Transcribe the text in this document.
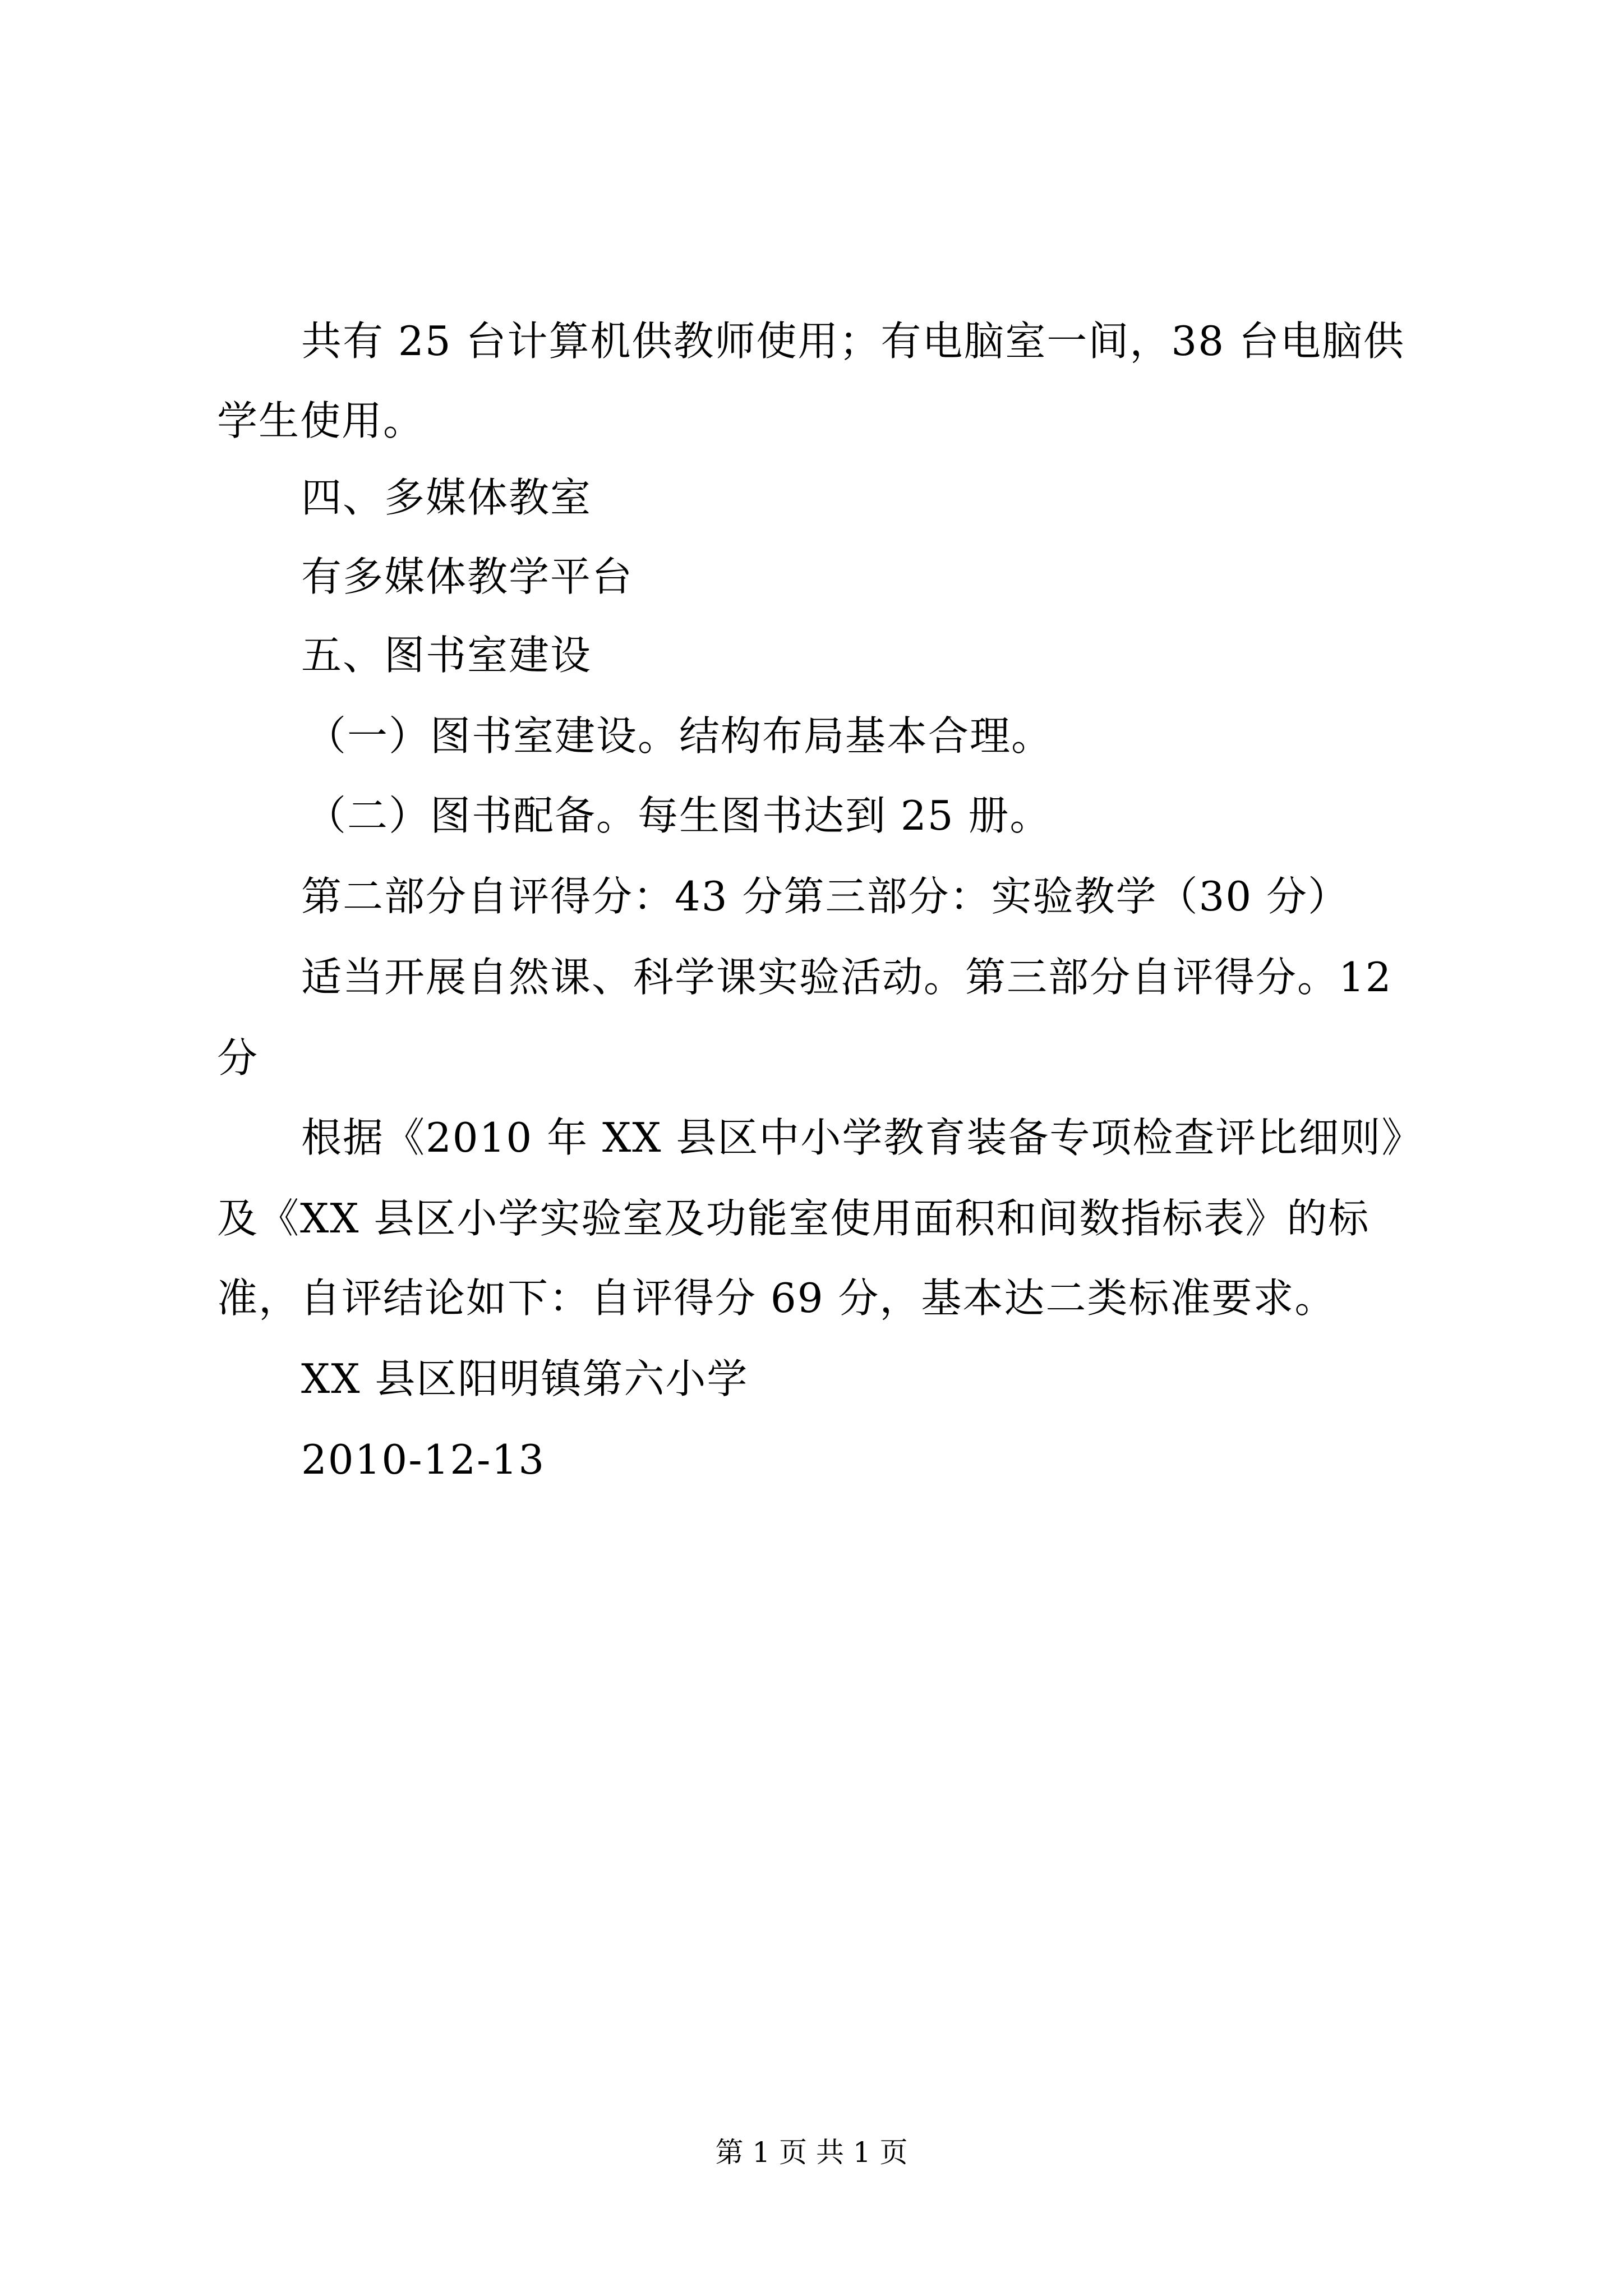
共有 25 台计算机供教师使用；有电脑室一间，38 台电脑供
学生使用。
四、多媒体教室
有多媒体教学平台
五、图书室建设
（一）图书室建设。结构布局基本合理。
（二）图书配备。每生图书达到 25 册。
第二部分自评得分：43 分第三部分：实验教学（30 分）
适当开展自然课、科学课实验活动。第三部分自评得分。12
分
根据《2010 年 XX 县区中小学教育装备专项检查评比细则》
及《XX 县区小学实验室及功能室使用面积和间数指标表》的标
准，自评结论如下：自评得分 69 分，基本达二类标准要求。
XX 县区阳明镇第六小学
2010-12-13
第 1 页 共 1 页
